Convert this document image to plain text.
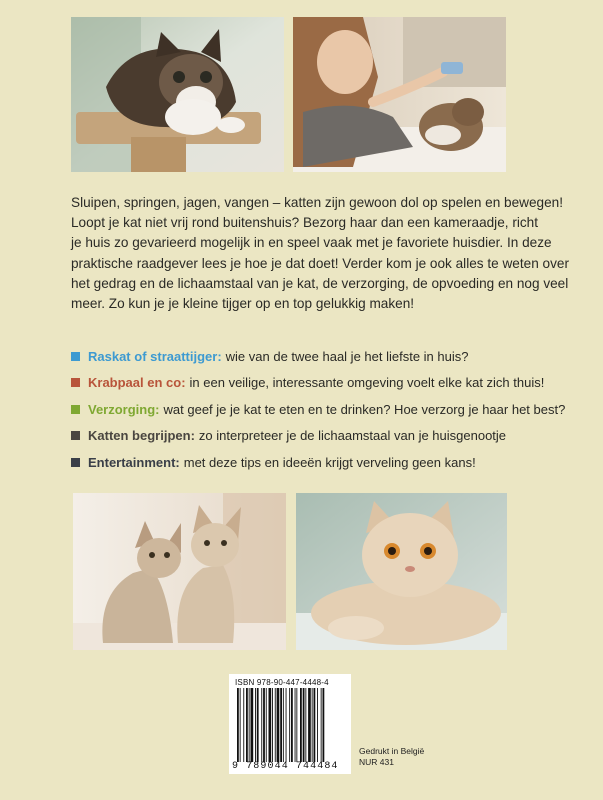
Sluipen, springen, jagen, vangen – katten zijn gewoon dol op spelen en bewegen!
Loopt je kat niet vrij rond buitenshuis? Bezorg haar dan een kameraadje, richt
je huis zo gevarieerd mogelijk in en speel vaak met je favoriete huisdier. In deze
praktische raadgever lees je hoe je dat doet! Verder kom je ook alles te weten over
het gedrag en de lichaamstaal van je kat, de verzorging, de opvoeding en nog veel
meer. Zo kun je je kleine tijger op en top gelukkig maken!

Raskat of straattijger: wie van de twee haal je het liefste in huis?
Krabpaal en co: in een veilige, interessante omgeving voelt elke kat zich thuis!
Verzorging: wat geef je je kat te eten en te drinken? Hoe verzorg je haar het best?
Katten begrijpen: zo interpreteer je de lichaamstaal van je huisgenootje
Entertainment: met deze tips en ideeën krijgt verveling geen kans!
ISBN 978-90-447-4448-4
9 789044 744484
Gedrukt in België
NUR 431
